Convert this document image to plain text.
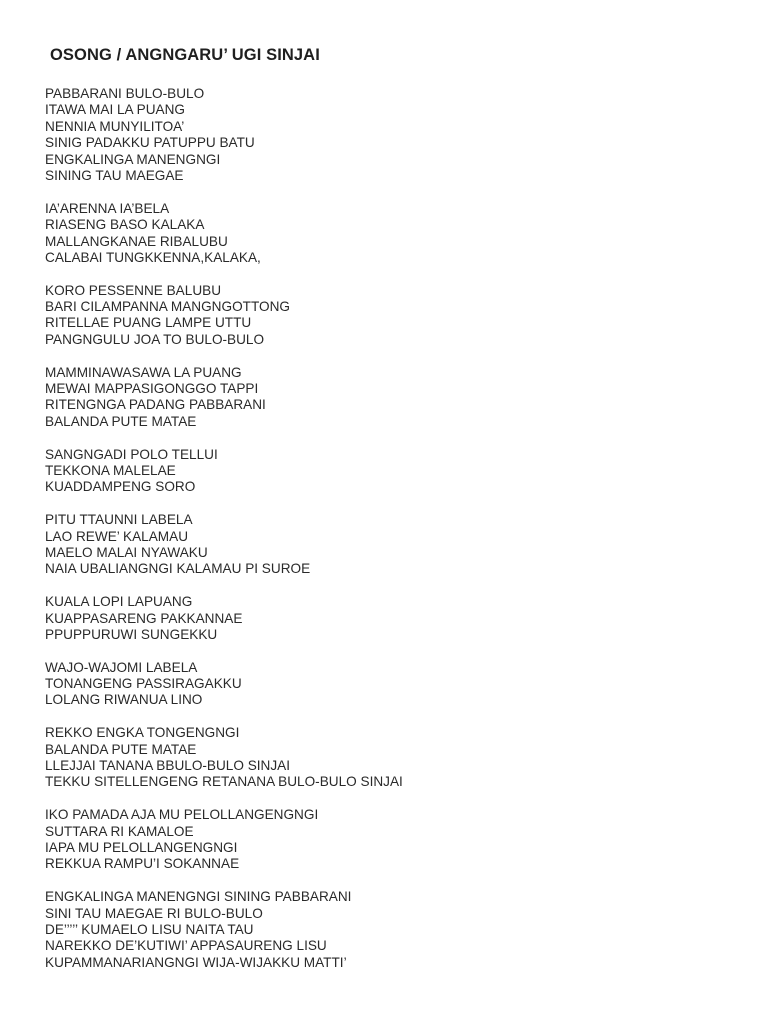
OSONG / ANGNGARU’ UGI SINJAI
PABBARANI BULO-BULO
ITAWA MAI LA PUANG
NENNIA MUNYILITOA’
SINIG PADAKKU PATUPPU BATU
ENGKALINGA MANENGNGI
SINING TAU MAEGAE
IA’ARENNA IA’BELA
RIASENG BASO KALAKA
MALLANGKANAE RIBALUBU
CALABAI TUNGKKENNA,KALAKA,
KORO PESSENNE BALUBU
BARI CILAMPANNA MANGNGOTTONG
RITELLAE PUANG LAMPE UTTU
PANGNGULU JOA TO BULO-BULO
MAMMINAWASAWA LA PUANG
MEWAI MAPPASIGONGGO TAPPI
RITENGNGA PADANG PABBARANI
BALANDA PUTE MATAE
SANGNGADI POLO TELLUI
TEKKONA MALELAE
KUADDAMPENG SORO
PITU TTAUNNI LABELA
LAO REWE’ KALAMAU
MAELO MALAI NYAWAKU
NAIA UBALIANGNGI KALAMAU PI SUROE
KUALA LOPI LAPUANG
KUAPPASARENG PAKKANNAE
PPUPPURUWI SUNGEKKU
WAJO-WAJOMI LABELA
TONANGENG PASSIRAGAKKU
LOLANG RIWANUA LINO
REKKO ENGKA TONGENGNGI
BALANDA PUTE MATAE
LLEJJAI TANANA BBULO-BULO SINJAI
TEKKU SITELLENGENG RETANANA BULO-BULO SINJAI
IKO PAMADA AJA MU PELOLLANGENGNGI
SUTTARA RI KAMALOE
IAPA MU PELOLLANGENGNGI
REKKUA RAMPU’I SOKANNAE
ENGKALINGA MANENGNGI SINING PABBARANI
SINI TAU MAEGAE RI BULO-BULO
DE’’’’’ KUMAELO LISU NAITA TAU
NAREKKO DE’KUTIWI’ APPASAURENG LISU
KUPAMMANARIANGNGI WIJA-WIJAKKU MATTI’
